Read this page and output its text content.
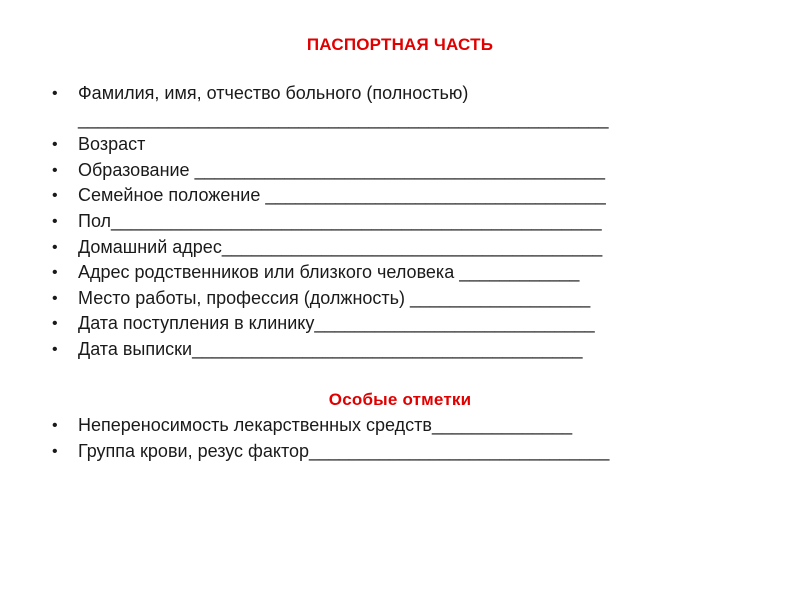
ПАСПОРТНАЯ ЧАСТЬ
• Фамилия, имя, отчество больного (полностью)
_____________________________________________________
• Возраст
• Образование _________________________________________
• Семейное положение __________________________________
• Пол_________________________________________________
• Домашний адрес______________________________________
• Адрес родственников или близкого человека ____________
• Место работы, профессия (должность) __________________
• Дата поступления в клинику____________________________
• Дата выписки_______________________________________
Особые отметки
• Непереносимость лекарственных средств______________
• Группа крови, резус фактор______________________________
